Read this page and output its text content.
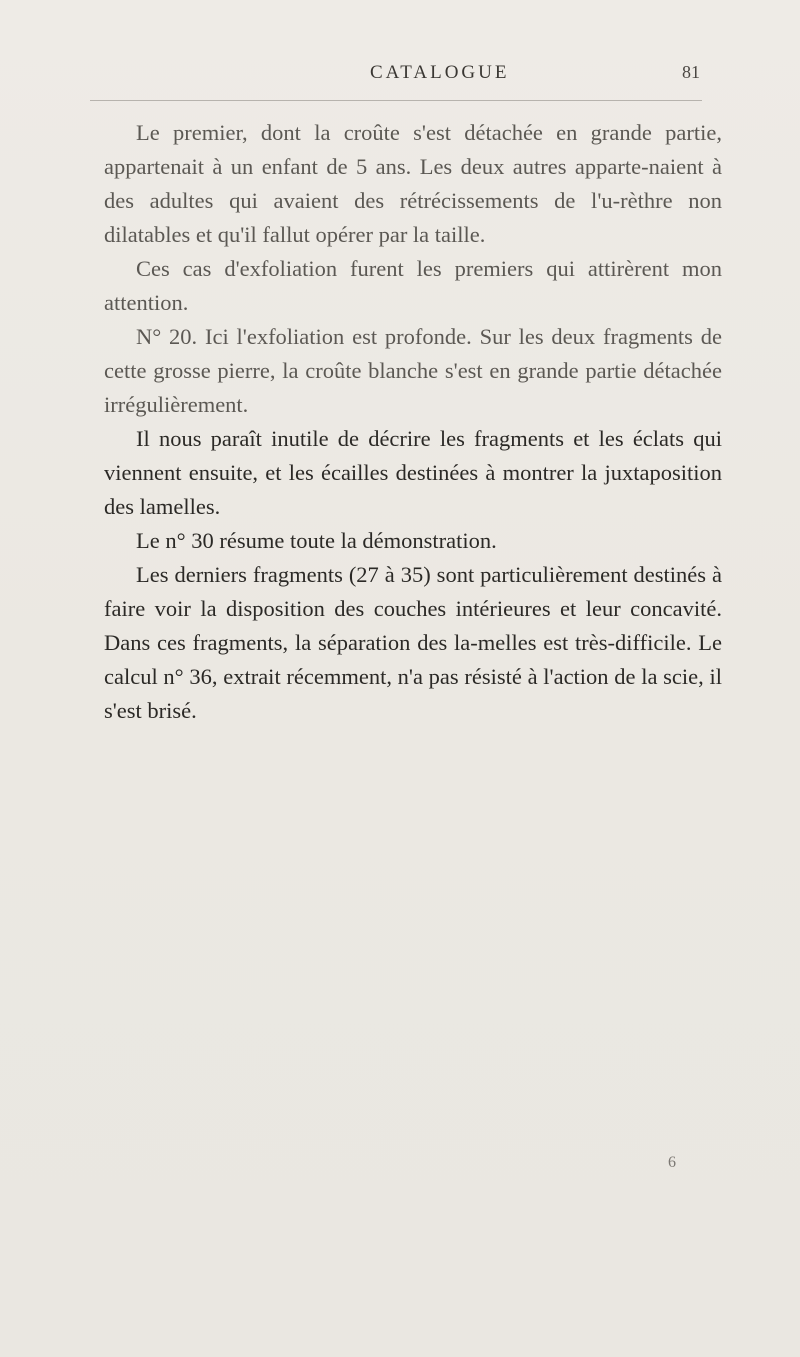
CATALOGUE	81

Le premier, dont la croûte s'est détachée en grande partie, appartenait à un enfant de 5 ans. Les deux autres apparte-naient à des adultes qui avaient des rétrécissements de l'u-rèthre non dilatables et qu'il fallut opérer par la taille.

Ces cas d'exfoliation furent les premiers qui attirèrent mon attention.

N° 20. Ici l'exfoliation est profonde. Sur les deux fragments de cette grosse pierre, la croûte blanche s'est en grande partie détachée irrégulièrement.

Il nous paraît inutile de décrire les fragments et les éclats qui viennent ensuite, et les écailles destinées à montrer la juxtaposition des lamelles.

Le n° 30 résume toute la démonstration.

Les derniers fragments (27 à 35) sont particulièrement destinés à faire voir la disposition des couches intérieures et leur concavité. Dans ces fragments, la séparation des la-melles est très-difficile. Le calcul n° 36, extrait récemment, n'a pas résisté à l'action de la scie, il s'est brisé.

6
